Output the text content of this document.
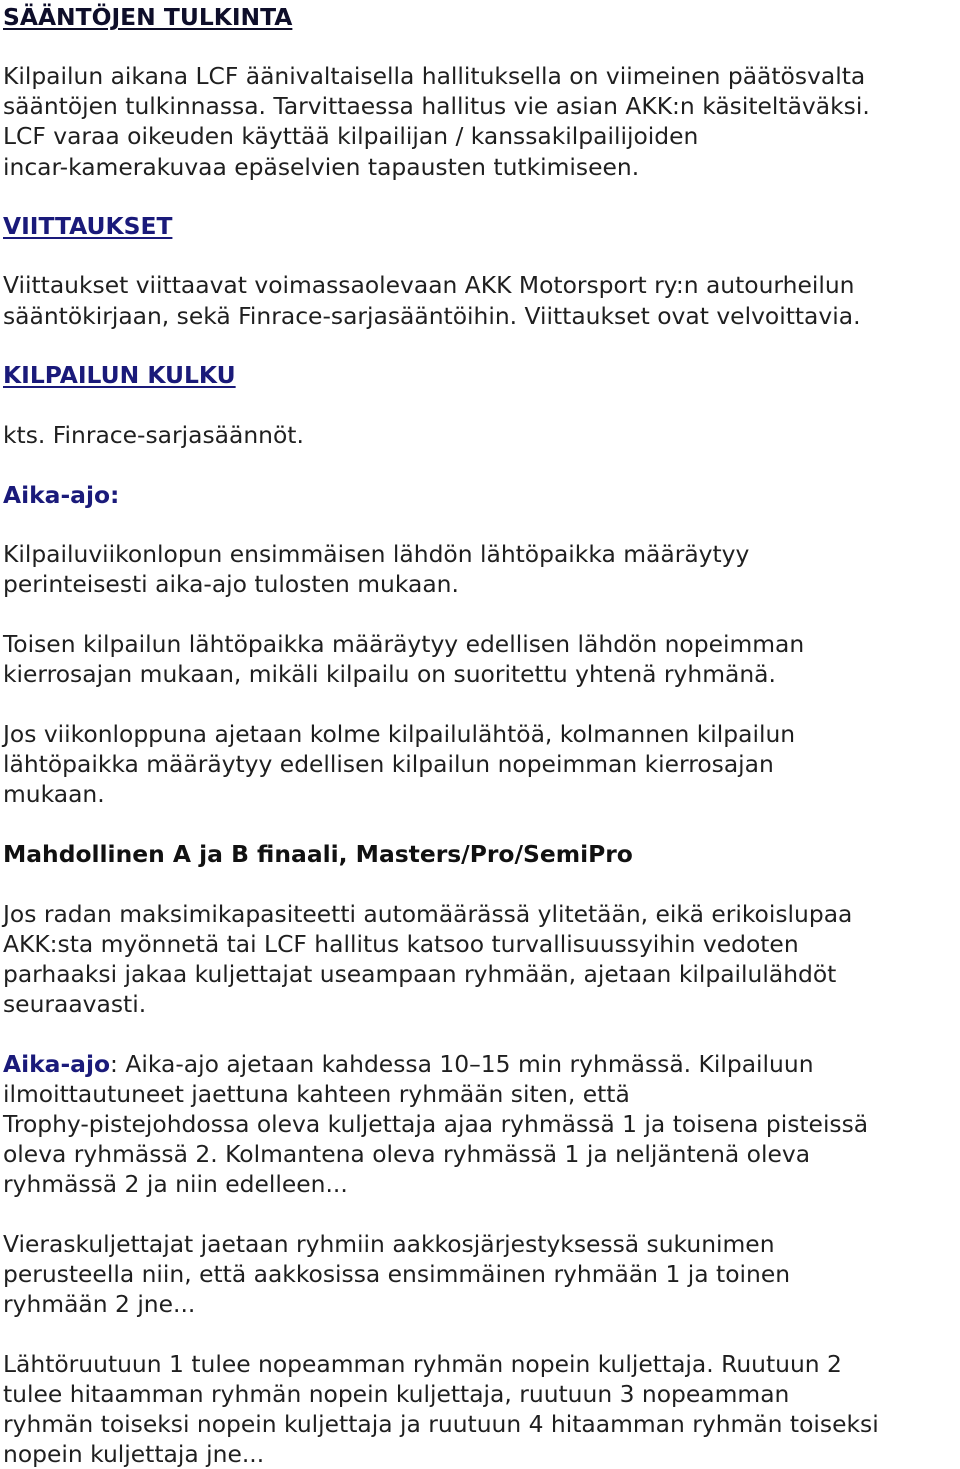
SÄÄNTÖJEN TULKINTA
Kilpailun aikana LCF äänivaltaisella hallituksella on viimeinen päätösvalta
sääntöjen tulkinnassa. Tarvittaessa hallitus vie asian AKK:n käsiteltäväksi.
LCF varaa oikeuden käyttää kilpailijan / kanssakilpailijoiden
incar-kamerakuvaa epäselvien tapausten tutkimiseen.
VIITTAUKSET
Viittaukset viittaavat voimassaolevaan AKK Motorsport ry:n autourheilun
sääntökirjaan, sekä Finrace-sarjasääntöihin. Viittaukset ovat velvoittavia.
KILPAILUN KULKU
kts. Finrace-sarjasäännöt.
Aika-ajo:
Kilpailuviikonlopun ensimmäisen lähdön lähtöpaikka määräytyy
perinteisesti aika-ajo tulosten mukaan.
Toisen kilpailun lähtöpaikka määräytyy edellisen lähdön nopeimman
kierrosajan mukaan, mikäli kilpailu on suoritettu yhtenä ryhmänä.
Jos viikonloppuna ajetaan kolme kilpailulähtöä, kolmannen kilpailun
lähtöpaikka määräytyy edellisen kilpailun nopeimman kierrosajan
mukaan.
Mahdollinen A ja B finaali, Masters/Pro/SemiPro
Jos radan maksimikapasiteetti automäärässä ylitetään, eikä erikoislupaa
AKK:sta myönnetä tai LCF hallitus katsoo turvallisuussyihin vedoten
parhaaksi jakaa kuljettajat useampaan ryhmään, ajetaan kilpailulähdöt
seuraavasti.
Aika-ajo: Aika-ajo ajetaan kahdessa 10–15 min ryhmässä. Kilpailuun
ilmoittautuneet jaettuna kahteen ryhmään siten, että
Trophy-pistejohdossa oleva kuljettaja ajaa ryhmässä 1 ja toisena pisteissä
oleva ryhmässä 2. Kolmantena oleva ryhmässä 1 ja neljäntenä oleva
ryhmässä 2 ja niin edelleen...
Vieraskuljettajat jaetaan ryhmiin aakkosjärjestyksessä sukunimen
perusteella niin, että aakkosissa ensimmäinen ryhmään 1 ja toinen
ryhmään 2 jne...
Lähtöruutuun 1 tulee nopeamman ryhmän nopein kuljettaja. Ruutuun 2
tulee hitaamman ryhmän nopein kuljettaja, ruutuun 3 nopeamman
ryhmän toiseksi nopein kuljettaja ja ruutuun 4 hitaamman ryhmän toiseksi
nopein kuljettaja jne...
